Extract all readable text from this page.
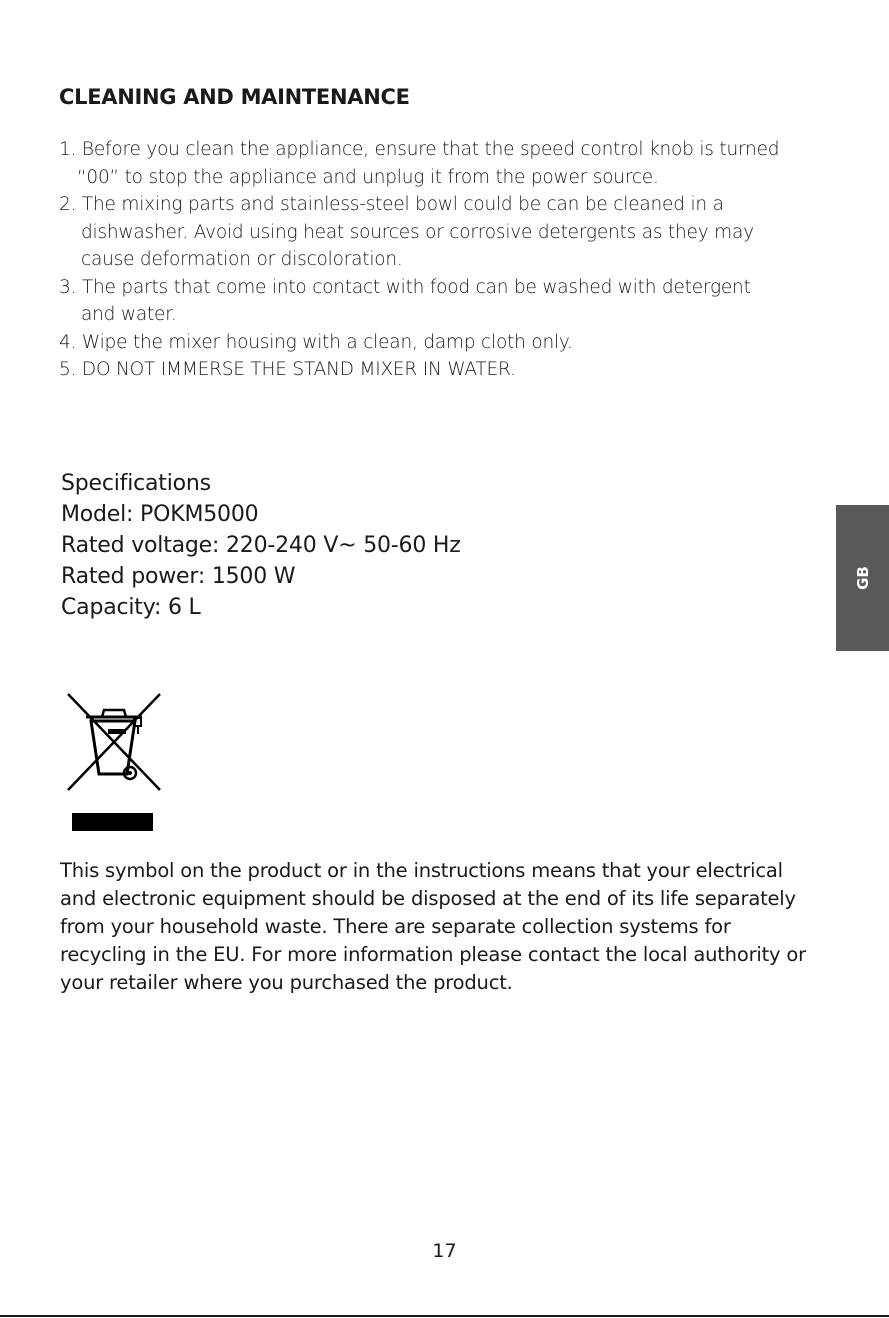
CLEANING AND MAINTENANCE
1. Before you clean the appliance, ensure that the speed control knob is turned
“00” to stop the appliance and unplug it from the power source.
2. The mixing parts and stainless-steel bowl could be can be cleaned in a
dishwasher. Avoid using heat sources or corrosive detergents as they may
cause deformation or discoloration.
3. The parts that come into contact with food can be washed with detergent
and water.
4. Wipe the mixer housing with a clean, damp cloth only.
5. DO NOT IMMERSE THE STAND MIXER IN WATER.
Specifications
Model: POKM5000
Rated voltage: 220-240 V~ 50-60 Hz
Rated power: 1500 W
Capacity: 6 L
This symbol on the product or in the instructions means that your electrical
and electronic equipment should be disposed at the end of its life separately
from your household waste. There are separate collection systems for
recycling in the EU. For more information please contact the local authority or
your retailer where you purchased the product.
GB
17
